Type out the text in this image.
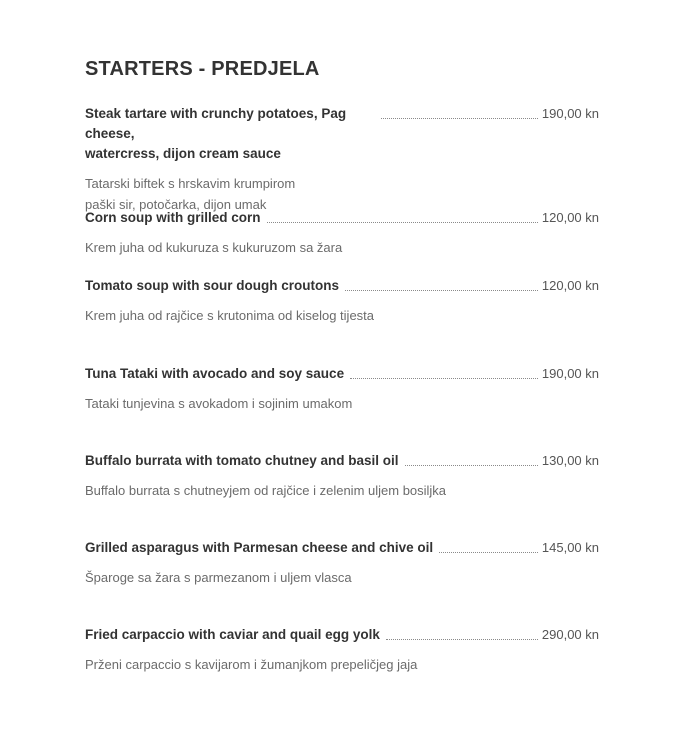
STARTERS - PREDJELA
Steak tartare with crunchy potatoes, Pag cheese,
watercress, dijon cream sauce
190,00 kn
Tatarski biftek s hrskavim krumpirom
paški sir, potočarka, dijon umak
Corn soup with grilled corn	120,00 kn
Krem juha od kukuruza s kukuruzom sa žara
Tomato soup with sour dough croutons	120,00 kn
Krem juha od rajčice s krutonima od kiselog tijesta
Tuna Tataki with avocado and soy sauce	190,00 kn
Tataki tunjevina s avokadom i sojinim umakom
Buffalo burrata with tomato chutney and basil oil	130,00 kn
Buffalo burrata s chutneyjem od rajčice i zelenim uljem bosiljka
Grilled asparagus with Parmesan cheese and chive oil	145,00 kn
Šparoge sa žara s parmezanom i uljem vlasca
Fried carpaccio with caviar and quail egg yolk	290,00 kn
Prženi carpaccio s kavijarom i žumanjkom prepeličjeg jaja
